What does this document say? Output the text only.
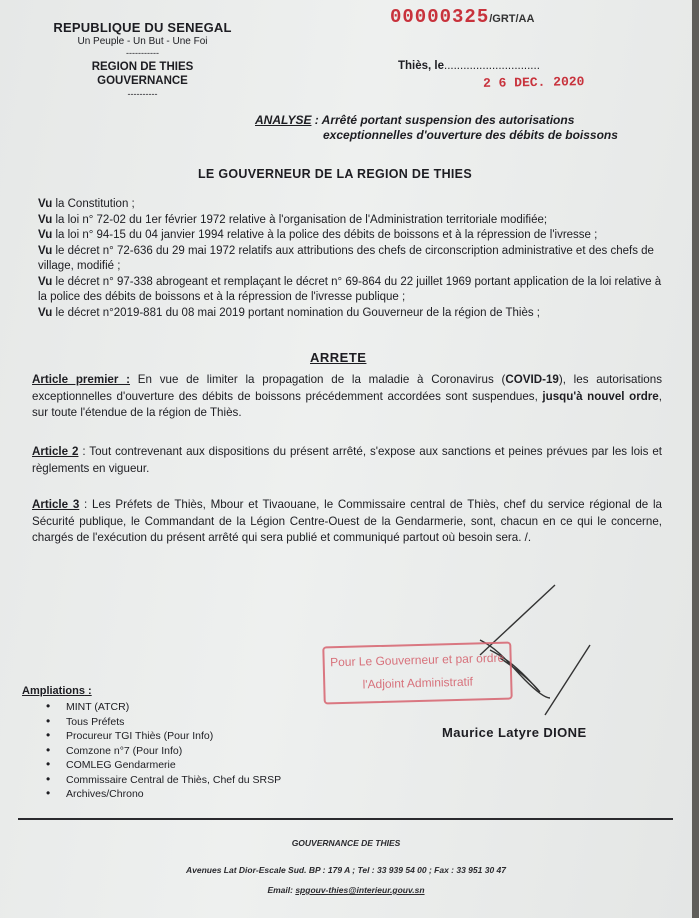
REPUBLIQUE DU SENEGAL
Un Peuple - Un But - Une Foi
-----------
REGION DE THIES
GOUVERNANCE
----------
00000325/GRT/AA
Thiès, le..............................
2 6 DEC. 2020
ANALYSE : Arrêté portant suspension des autorisations
exceptionnelles d'ouverture des débits de boissons
LE GOUVERNEUR DE LA REGION DE THIES

Vu la Constitution ;

Vu la loi n° 72-02 du 1er février 1972 relative à l'organisation de l'Administration territoriale modifiée;

Vu la loi n° 94-15 du 04 janvier 1994 relative à la police des débits de boissons et à la répression de l'ivresse ;

Vu le décret n° 72-636 du 29 mai 1972 relatifs aux attributions des chefs de circonscription administrative et des chefs de village, modifié ;

Vu le décret n° 97-338 abrogeant et remplaçant le décret n° 69-864 du 22 juillet 1969 portant application de la loi relative à la police des débits de boissons et à la répression de l'ivresse publique ;

Vu le décret n°2019-881 du 08 mai 2019 portant nomination du Gouverneur de la région de Thiès ;

ARRETE
Article premier : En vue de limiter la propagation de la maladie à Coronavirus (COVID-19), les autorisations exceptionnelles d'ouverture des débits de boissons précédemment accordées sont suspendues, jusqu'à nouvel ordre, sur toute l'étendue de la région de Thiès.
Article 2 : Tout contrevenant aux dispositions du présent arrêté, s'expose aux sanctions et peines prévues par les lois et règlements en vigueur.
Article 3 : Les Préfets de Thiès, Mbour et Tivaouane, le Commissaire central de Thiès, chef du service régional de la Sécurité publique, le Commandant de la Légion Centre-Ouest de la Gendarmerie, sont, chacun en ce qui le concerne, chargés de l'exécution du présent arrêté qui sera publié et communiqué partout où besoin sera. /.
Pour Le Gouverneur et par ordre
l'Adjoint Administratif
Maurice Latyre DIONE
Ampliations :
• MINT (ATCR)
• Tous Préfets
• Procureur TGI Thiès (Pour Info)
• Comzone n°7 (Pour Info)
• COMLEG Gendarmerie
• Commissaire Central de Thiès, Chef du SRSP
• Archives/Chrono
GOUVERNANCE DE THIES
Avenues Lat Dior-Escale Sud. BP : 179 A ; Tel : 33 939 54 00 ; Fax : 33 951 30 47
Email: spgouv-thies@interieur.gouv.sn
